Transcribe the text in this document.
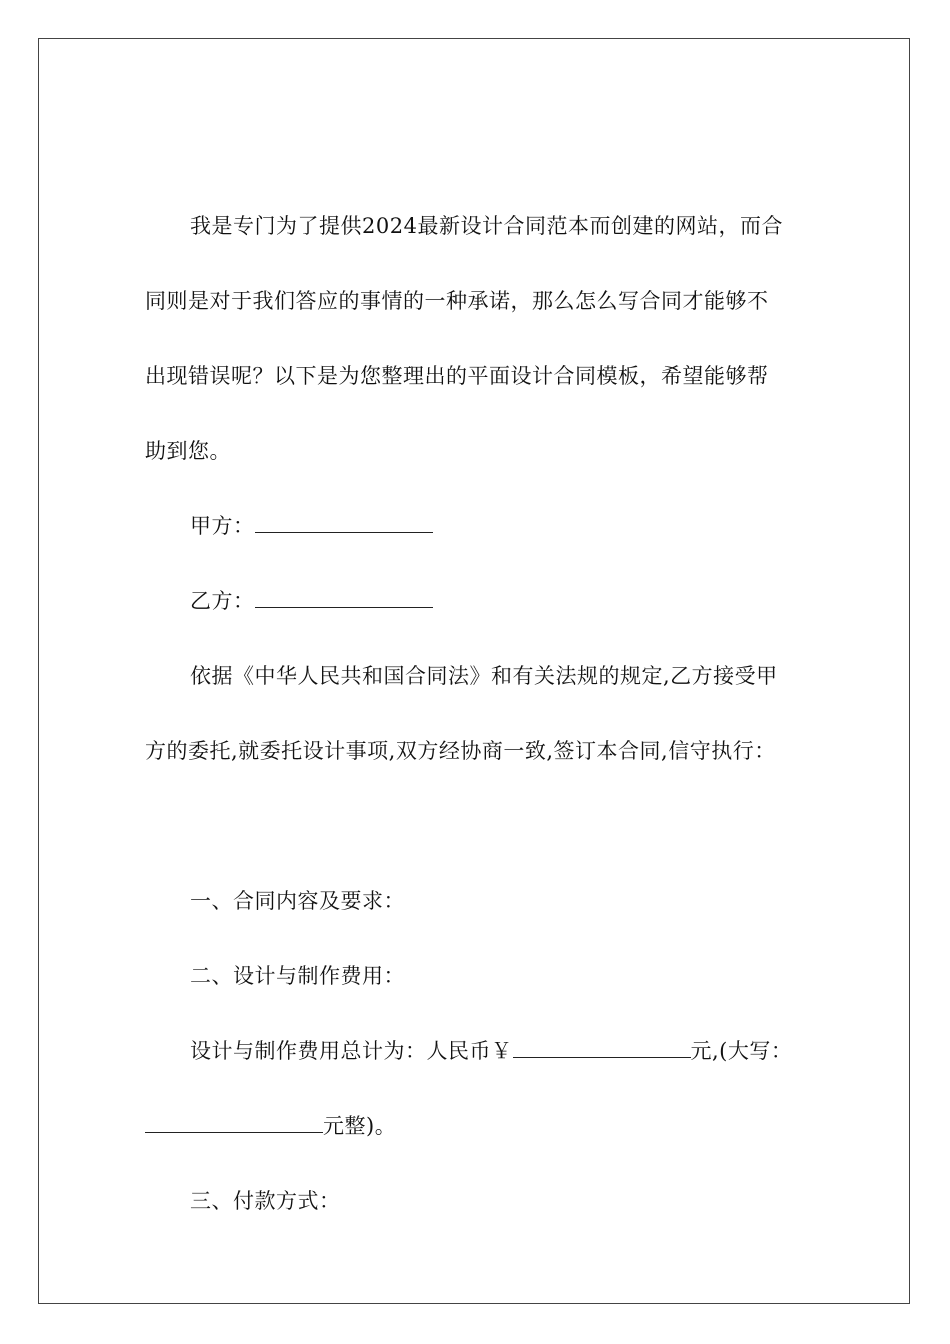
我是专门为了提供2024最新设计合同范本而创建的网站，而合
同则是对于我们答应的事情的一种承诺，那么怎么写合同才能够不
出现错误呢？以下是为您整理出的平面设计合同模板，希望能够帮
助到您。
甲方：
乙方：
依据《中华人民共和国合同法》和有关法规的规定,乙方接受甲
方的委托,就委托设计事项,双方经协商一致,签订本合同,信守执行：
一、合同内容及要求：
二、设计与制作费用：
设计与制作费用总计为：人民币￥	元,(大写：
元整)。
三、付款方式：
